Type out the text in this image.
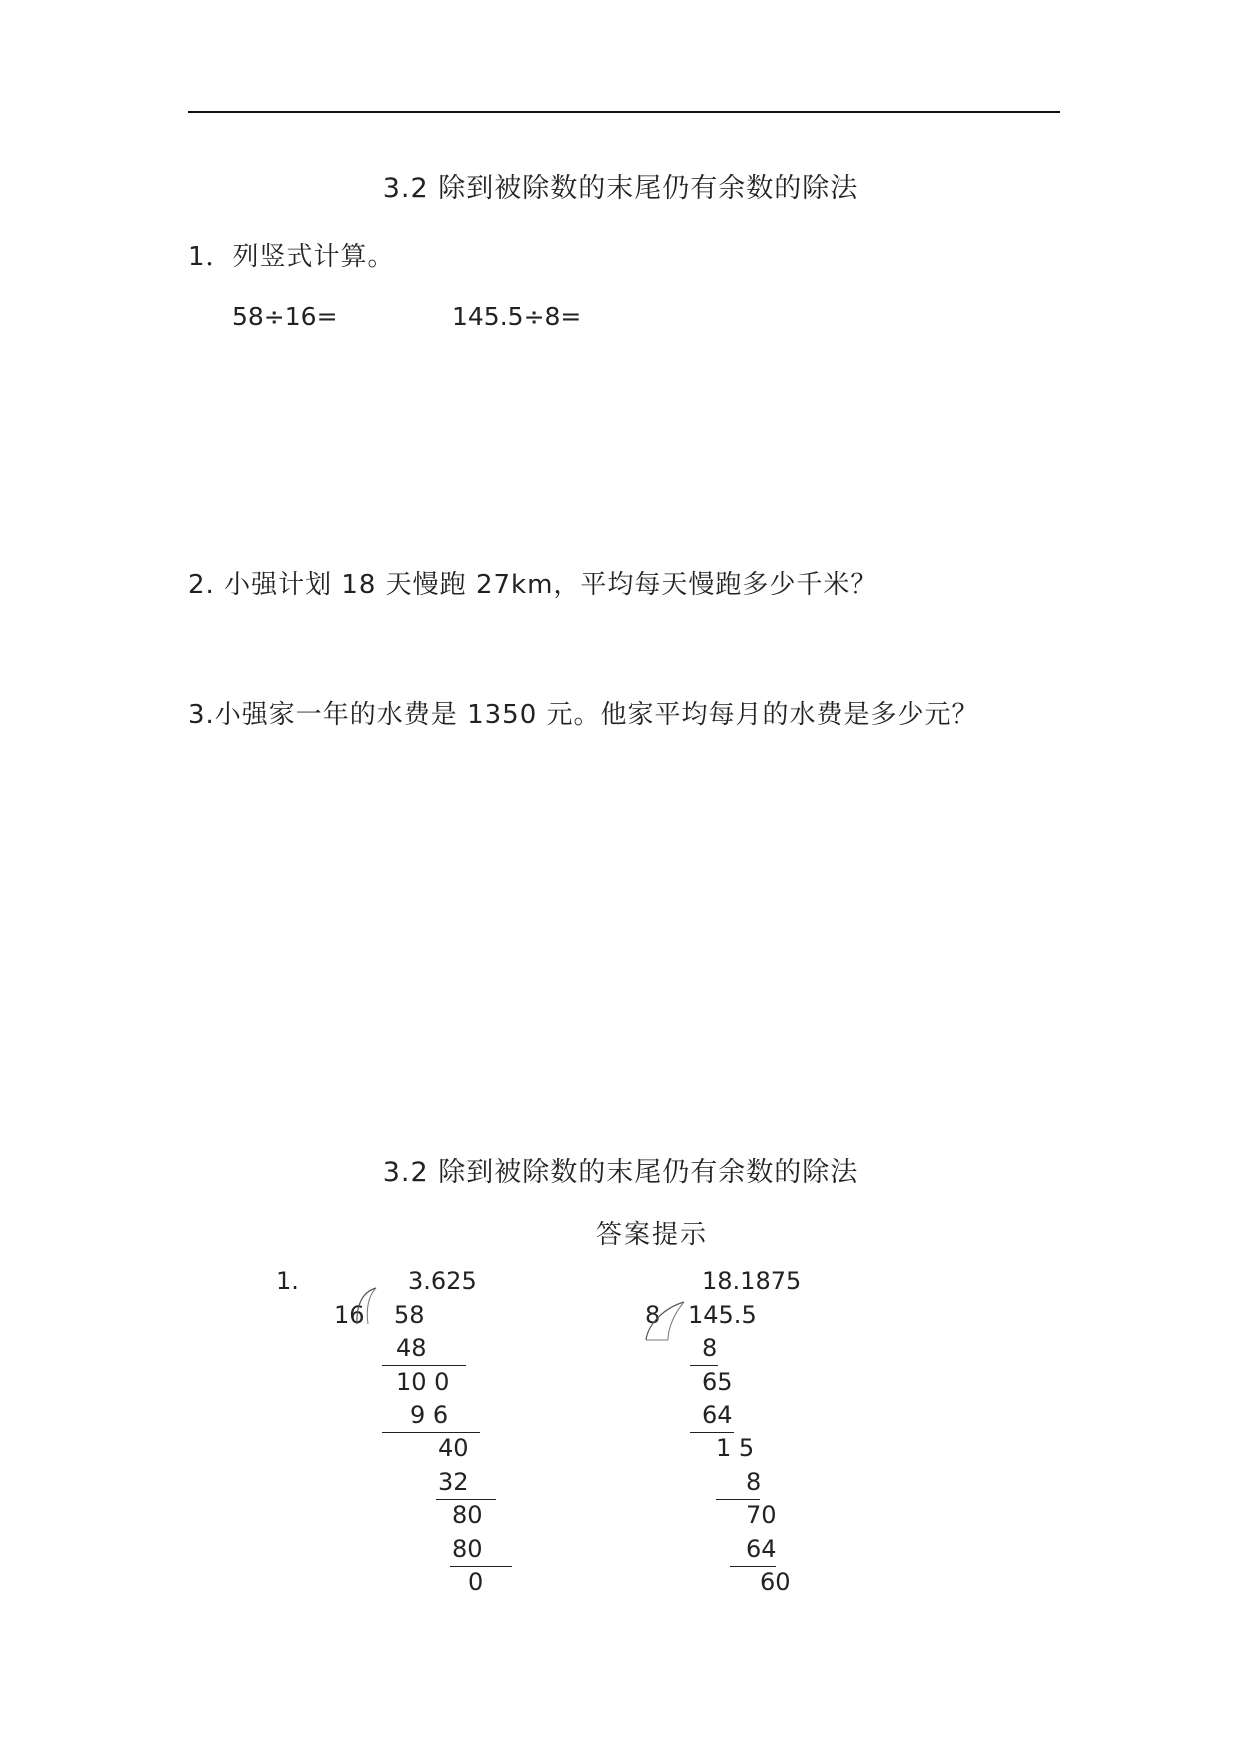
3.2 除到被除数的末尾仍有余数的除法
1．列竖式计算。
58÷16=	145.5÷8=
2. 小强计划 18 天慢跑 27km，平均每天慢跑多少千米？
3.小强家一年的水费是 1350 元。他家平均每月的水费是多少元？
3.2 除到被除数的末尾仍有余数的除法
答案提示
1.	3.625
16 58
48
10 0
9 6
40
32
80
80
0
18.1875
8 145.5
8
65
64
1 5
8
70
64
60
